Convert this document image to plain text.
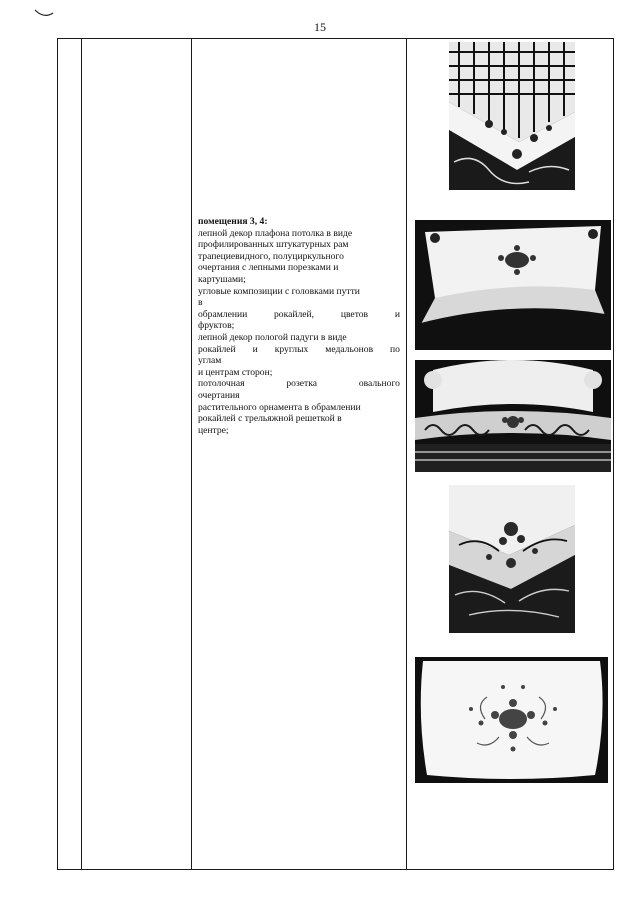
15
помещения 3, 4:
лепной декор плафона потолка в виде
профилированных штукатурных рам
трапециевидного, полуциркульного
очертания с лепными порезками и
картушами;
угловые композиции с головками путти
в
обрамлении	рокайлей,	цветов	и
фруктов;
лепной декор пологой падуги в виде
рокайлей и круглых медальонов по
углам
и центрам сторон;
потолочная	розетка	овального
очертания
растительного орнамента в обрамлении
рокайлей с трельяжной решеткой в
центре;
